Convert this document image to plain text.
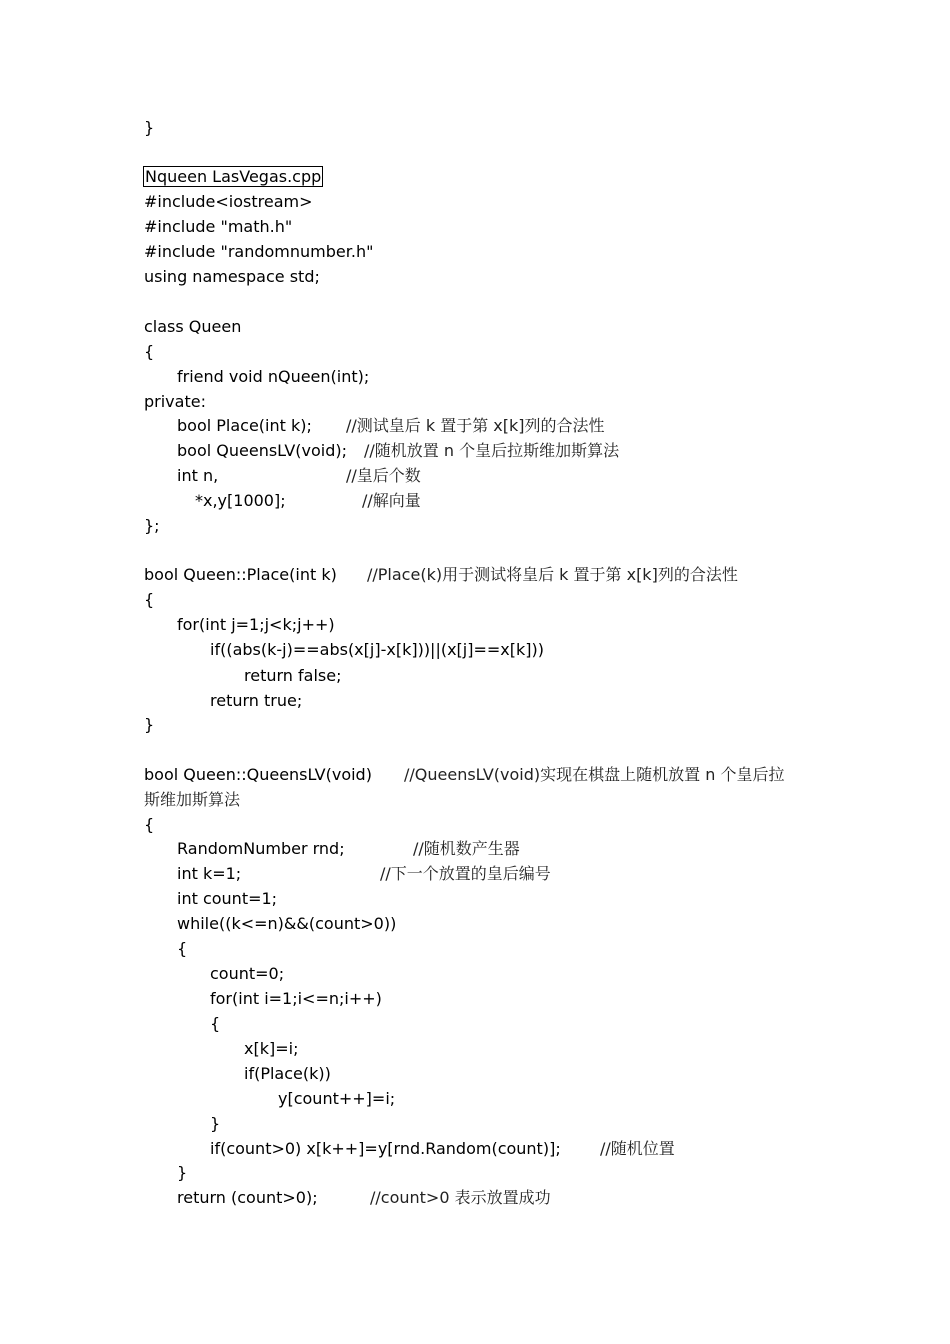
}
Nqueen LasVegas.cpp
#include<iostream>
#include "math.h"
#include "randomnumber.h"
using namespace std;
class Queen
{
friend void nQueen(int);
private:
bool Place(int k); //测试皇后 k 置于第 x[k]列的合法性
bool QueensLV(void); //随机放置 n 个皇后拉斯维加斯算法
int n,	//皇后个数
*x,y[1000];	//解向量
};
bool Queen::Place(int k) //Place(k)用于测试将皇后 k 置于第 x[k]列的合法性
{
for(int j=1;j<k;j++)
if((abs(k-j)==abs(x[j]-x[k]))||(x[j]==x[k]))
return false;
return true;
}
bool Queen::QueensLV(void) //QueensLV(void)实现在棋盘上随机放置 n 个皇后拉
斯维加斯算法
{
RandomNumber rnd;	//随机数产生器
int k=1;	//下一个放置的皇后编号
int count=1;
while((k<=n)&&(count>0))
{
count=0;
for(int i=1;i<=n;i++)
{
x[k]=i;
if(Place(k))
y[count++]=i;
}
if(count>0) x[k++]=y[rnd.Random(count)]; //随机位置
}
return (count>0);	//count>0 表示放置成功
